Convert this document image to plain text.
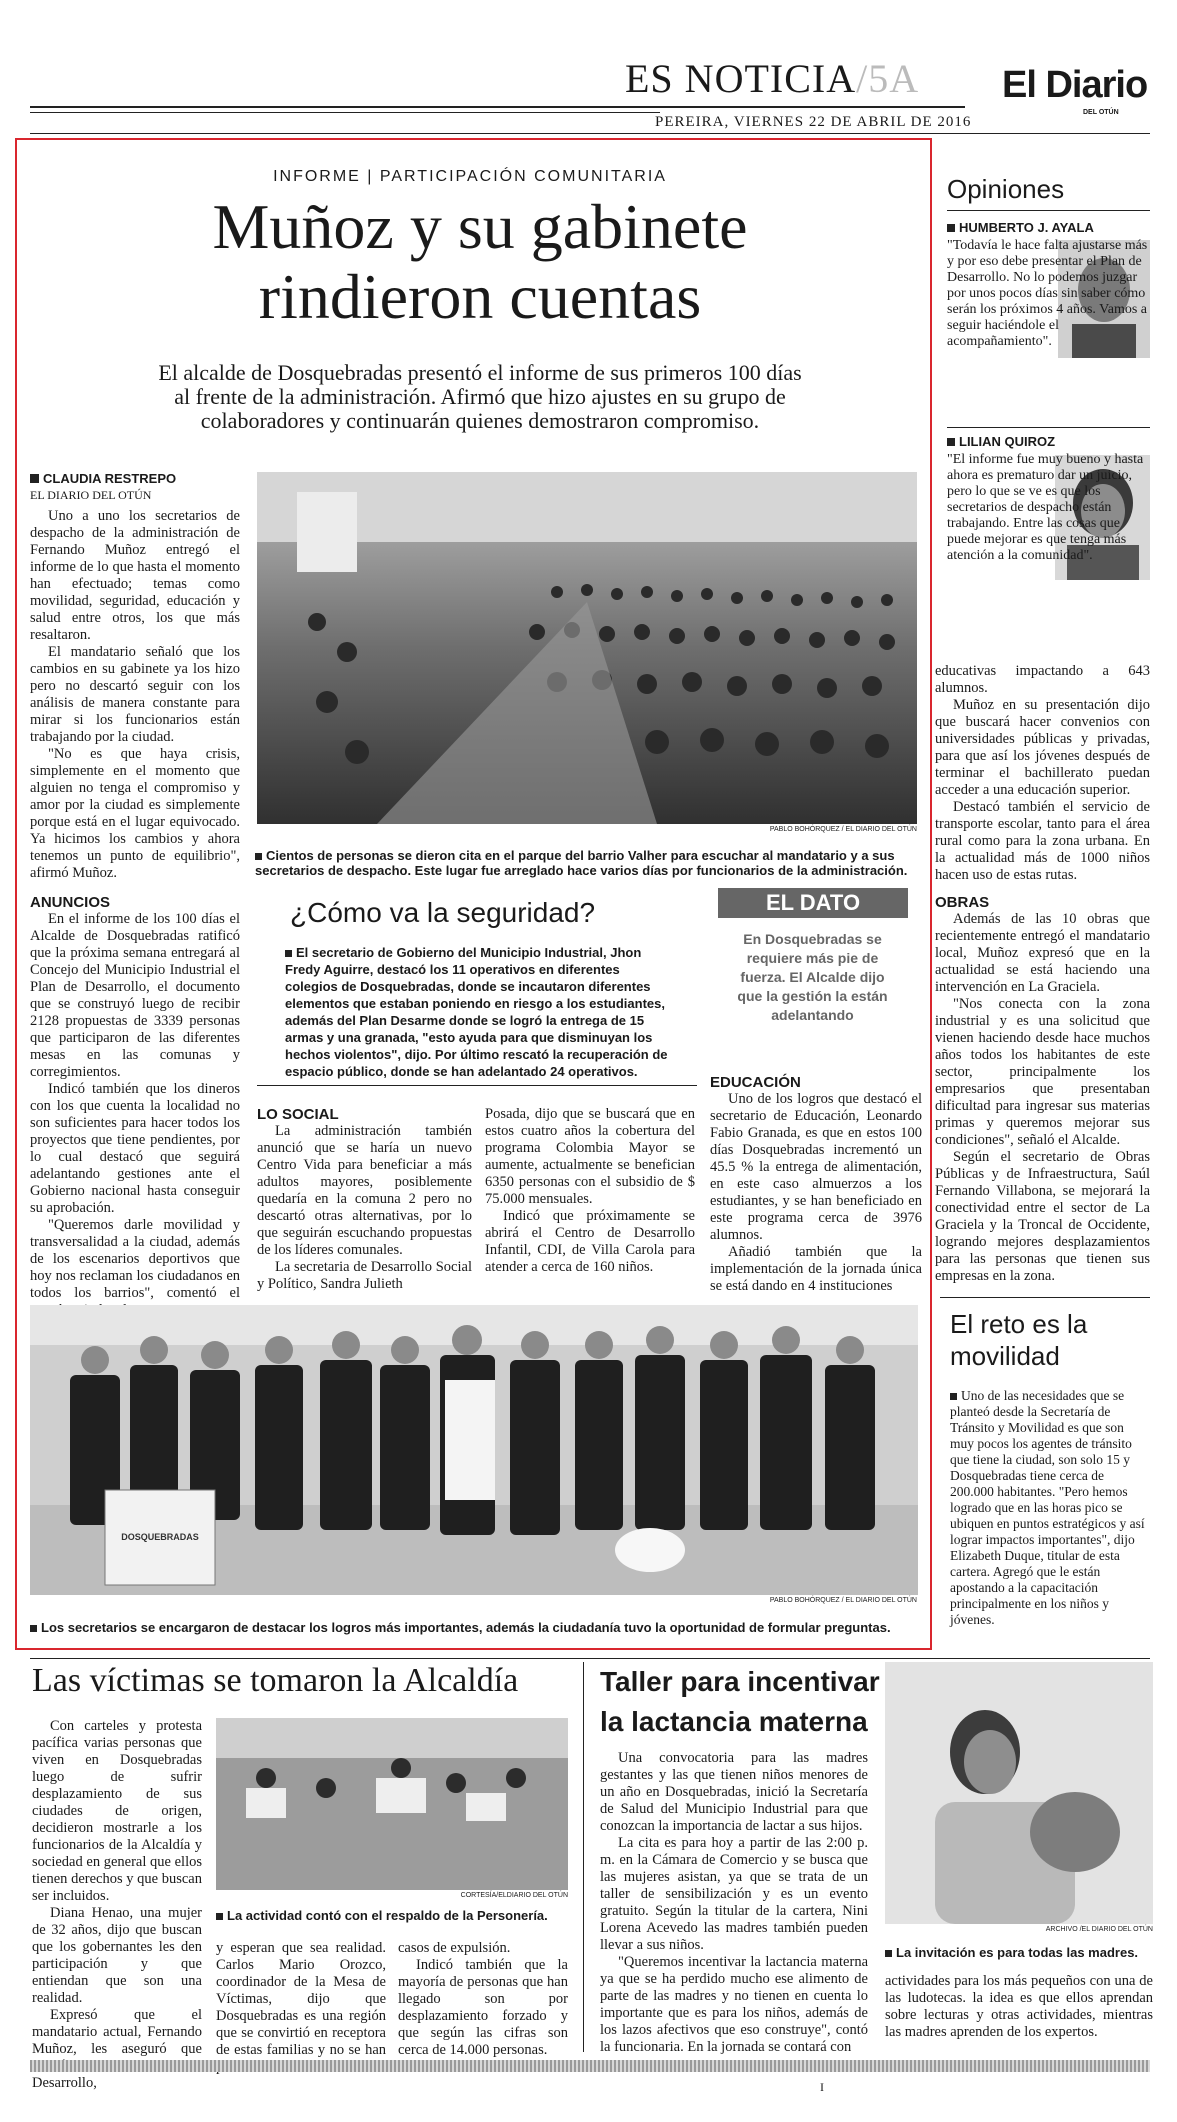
ES NOTICIA/5A El Diario
DEL OTÚN
PEREIRA, VIERNES 22 DE ABRIL DE 2016
INFORME | PARTICIPACIÓN COMUNITARIA
Muñoz y su gabinete
rindieron cuentas
El alcalde de Dosquebradas presentó el informe de sus primeros 100 días
al frente de la administración. Afirmó que hizo ajustes en su grupo de
colaboradores y continuarán quienes demostraron compromiso.
CLAUDIA RESTREPO
EL DIARIO DEL OTÚN

Uno a uno los secretarios de despacho de la administración de Fernando Muñoz entregó el informe de lo que hasta el momento han efectuado; temas como movilidad, seguridad, educación y salud entre otros, los que más resaltaron.

El mandatario señaló que los cambios en su gabinete ya los hizo pero no descartó seguir con los análisis de manera constante para mirar si los funcionarios están trabajando por la ciudad.

"No es que haya crisis, simplemente en el momento que alguien no tenga el compromiso y amor por la ciudad es simplemente porque está en el lugar equivocado. Ya hicimos los cambios y ahora tenemos un punto de equilibrio", afirmó Muñoz.

ANUNCIOS

En el informe de los 100 días el Alcalde de Dosquebradas ratificó que la próxima semana entregará al Concejo del Municipio Industrial el Plan de Desarrollo, el documento que se construyó luego de recibir 2128 propuestas de 3339 personas que participaron de las diferentes mesas en las comunas y corregimientos.

Indicó también que los dineros con los que cuenta la localidad no son suficientes para hacer todos los proyectos que tiene pendientes, por lo cual destacó que seguirá adelantando gestiones ante el Gobierno nacional hasta conseguir su aprobación.

"Queremos darle movilidad y transversalidad a la ciudad, además de los escenarios deportivos que hoy nos reclaman los ciudadanos en todos los barrios", comentó el

PABLO BOHÓRQUEZ / EL DIARIO DEL OTÚN
Cientos de personas se dieron cita en el parque del barrio Valher para escuchar al mandatario y a sus secretarios de despacho. Este lugar fue arreglado hace varios días por funcionarios de la administración.
¿Cómo va la seguridad?
El secretario de Gobierno del Municipio Industrial, Jhon Fredy Aguirre, destacó los 11 operativos en diferentes colegios de Dosquebradas, donde se incautaron diferentes elementos que estaban poniendo en riesgo a los estudiantes, además del Plan Desarme donde se logró la entrega de 15 armas y una granada, "esto ayuda para que disminuyan los hechos violentos", dijo. Por último rescató la recuperación de espacio público, donde se han adelantado 24 operativos.
EL DATO
En Dosquebradas se requiere más pie de fuerza. El Alcalde dijo que la gestión la están adelantando

LO SOCIAL

La administración también anunció que se haría un nuevo Centro Vida para beneficiar a más adultos mayores, posiblemente quedaría en la comuna 2 pero no descartó otras alternativas, por lo que seguirán escuchando propuestas de los líderes comunales.

La secretaria de Desarrollo Social y Político, Sandra Julieth

Posada, dijo que se buscará que en estos cuatro años la cobertura del programa Colombia Mayor se aumente, actualmente se benefician 6350 personas con el subsidio de $ 75.000 mensuales.

Indicó que próximamente se abrirá el Centro de Desarrollo Infantil, CDI, de Villa Carola para atender a cerca de 160 niños.

EDUCACIÓN

Uno de los logros que destacó el secretario de Educación, Leonardo Fabio Granada, es que en estos 100 días Dosquebradas incrementó un 45.5 % la entrega de alimentación, en este caso almuerzos a los estudiantes, y se han beneficiado en este programa cerca de 3976 alumnos.

Añadió también que la implementación de la jornada única se está dando en 4 instituciones

DOSQUEBRADAS
PABLO BOHÓRQUEZ / EL DIARIO DEL OTÚN
Los secretarios se encargaron de destacar los logros más importantes, además la ciudadanía tuvo la oportunidad de formular preguntas.
Opiniones
HUMBERTO J. AYALA
"Todavía le hace falta ajustarse más y por eso debe presentar el Plan de Desarrollo. No lo podemos juzgar por unos pocos días sin saber cómo serán los próximos 4 años. Vamos a seguir haciéndole el acompañamiento".
LILIAN QUIROZ
"El informe fue muy bueno y hasta ahora es prematuro dar un juicio, pero lo que se ve es que los secretarios de despacho están trabajando. Entre las cosas que puede mejorar es que tenga más atención a la comunidad".

educativas impactando a 643 alumnos.

Muñoz en su presentación dijo que buscará hacer convenios con universidades públicas y privadas, para que así los jóvenes después de terminar el bachillerato puedan acceder a una educación superior.

Destacó también el servicio de transporte escolar, tanto para el área rural como para la zona urbana. En la actualidad más de 1000 niños hacen uso de estas rutas.

OBRAS

Además de las 10 obras que recientemente entregó el mandatario local, Muñoz expresó que en la actualidad se está haciendo una intervención en La Graciela.

"Nos conecta con la zona industrial y es una solicitud que vienen haciendo desde hace muchos años todos los habitantes de este sector, principalmente los empresarios que presentaban dificultad para ingresar sus materias primas y queremos mejorar sus condiciones", señaló el Alcalde.

Según el secretario de Obras Públicas y de Infraestructura, Saúl Fernando Villabona, se mejorará la conectividad entre el sector de La Graciela y la Troncal de Occidente, logrando mejores desplazamientos para las personas que tienen sus empresas en la zona.

El reto es la
movilidad
Uno de las necesidades que se planteó desde la Secretaría de Tránsito y Movilidad es que son muy pocos los agentes de tránsito que tiene la ciudad, son solo 15 y Dosquebradas tiene cerca de 200.000 habitantes. "Pero hemos logrado que en las horas pico se ubiquen en puntos estratégicos y así lograr impactos importantes", dijo Elizabeth Duque, titular de esta cartera. Agregó que le están apostando a la capacitación principalmente en los niños y jóvenes.
Las víctimas se tomaron la Alcaldía

Con carteles y protesta pacífica varias personas que viven en Dosquebradas luego de sufrir desplazamiento de sus ciudades de origen, decidieron mostrarle a los funcionarios de la Alcaldía y sociedad en general que ellos tienen derechos y que buscan ser incluidos.

Diana Henao, una mujer de 32 años, dijo que buscan que los gobernantes les den participación y que entiendan que son una realidad.

Expresó que el mandatario actual, Fernando Muñoz, les aseguró que Desarrollo,

CORTESÍA/ELDIARIO DEL OTÚN
La actividad contó con el respaldo de la Personería.

y esperan que sea realidad. Carlos Mario Orozco, coordinador de la Mesa de Víctimas, dijo que Dosquebradas es una región que se convirtió en receptora de estas familias y no se han

casos de expulsión.

Indicó también que la mayoría de personas que han llegado son por desplazamiento forzado y que según las cifras son cerca de 14.000 personas.

Taller para incentivar
la lactancia materna

Una convocatoria para las madres gestantes y las que tienen niños menores de un año en Dosquebradas, inició la Secretaría de Salud del Municipio Industrial para que conozcan la importancia de lactar a sus hijos.

La cita es para hoy a partir de las 2:00 p. m. en la Cámara de Comercio y se busca que las mujeres asistan, ya que se trata de un taller de sensibilización y es un evento gratuito. Según la titular de la cartera, Nini Lorena Acevedo las madres también pueden llevar a sus niños.

"Queremos incentivar la lactancia materna ya que se ha perdido mucho ese alimento de parte de las madres y no tienen en cuenta lo importante que es para los niños, además de los lazos afectivos que eso construye", contó la funcionaria. En la jornada se contará con

ARCHIVO /EL DIARIO DEL OTÚN
La invitación es para todas las madres.

actividades para los más pequeños con una de las ludotecas. la idea es que ellos aprendan sobre lecturas y otras actividades, mientras las madres aprenden de los expertos.

I
